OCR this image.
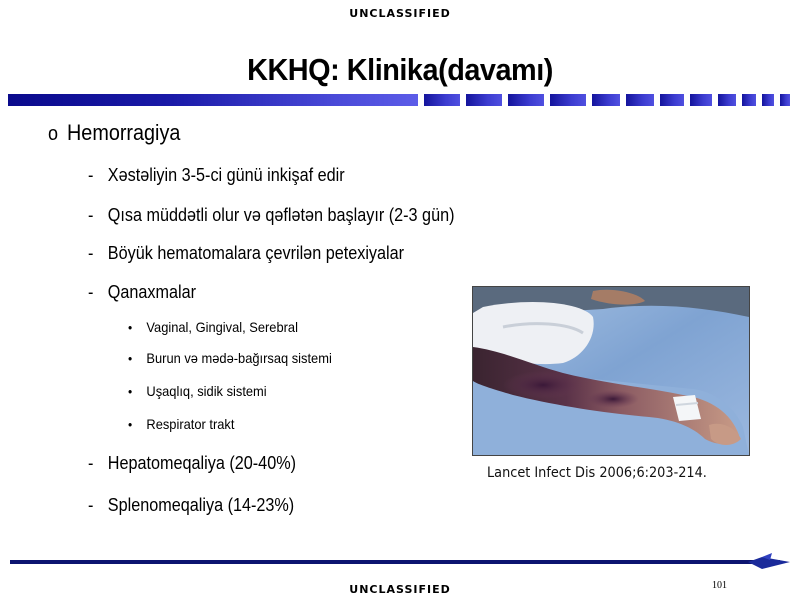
UNCLASSIFIED
KKHQ: Klinika(davamı)
o Hemorragiya
- Xǝstǝliyin 3-5-ci günü inkişaf edir
- Qısa müddǝtli olur vǝ qǝflǝtǝn başlayır (2-3 gün)
- Böyük hematomalara çevrilǝn petexiyalar
- Qanaxmalar
• Vaginal, Gingival, Serebral
• Burun vǝ mǝdǝ-bağırsaq sistemi
• Uşaqlıq, sidik sistemi
• Respirator trakt
- Hepatomeqaliya (20-40%)
- Splenomeqaliya (14-23%)
Lancet Infect Dis 2006;6:203-214.
UNCLASSIFIED	101
